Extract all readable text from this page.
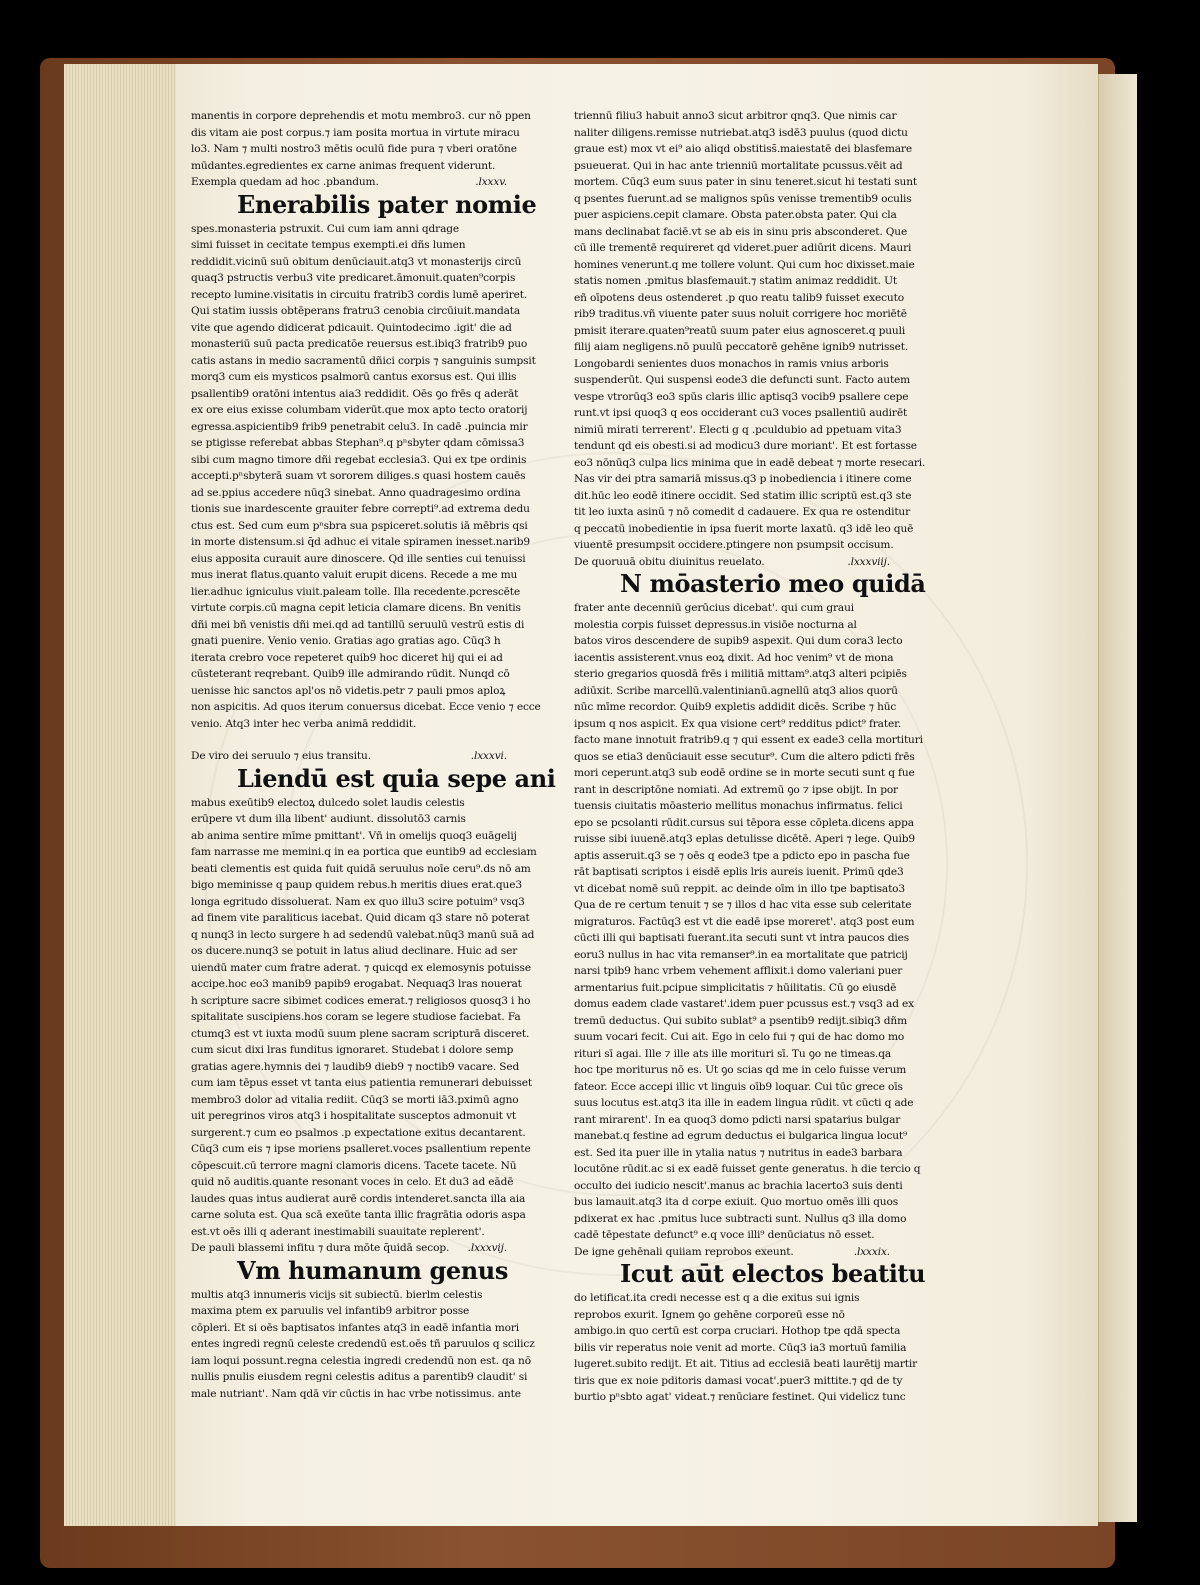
manentis in corpore deprehendis et motu membro3. cur nō ppen
dis vitam aie post corpus.⁊ iam posita mortua in virtute miracu
lo3. Nam ⁊ multi nostro3 mētis oculū fide pura ⁊ vberi oratōne
mūdantes.egredientes ex carne animas frequent viderunt.
Exempla quedam ad hoc .pbandum.	.lxxxv.
Enerabilis pater nomie
spes.monasteria pstruxit. Cui cum iam anni qdrage
simi fuisset in cecitate tempus exempti.ei dñs lumen
reddidit.vicinū suū obitum denūciauit.atq3 vt monasterijs circū
quaq3 pstructis verbu3 vite predicaret.āmonuit.quaten⁹corpis
recepto lumine.visitatis in circuitu fratrib3 cordis lumē aperiret.
Qui statim iussis obtēperans fratru3 cenobia circūiuit.mandata
vite que agendo didicerat pdicauit. Quintodecimo .igit' die ad
monasteriū suū pacta predicatōe reuersus est.ibiq3 fratrib9 puo
catis astans in medio sacramentū dñici corpis ⁊ sanguinis sumpsit
morq3 cum eis mysticos psalmorū cantus exorsus est. Qui illis
psallentib9 oratōni intentus aia3 reddidit. Oēs ꝯo frēs q aderāt
ex ore eius exisse columbam viderūt.que mox apto tecto oratorij
egressa.aspicientib9 frib9 penetrabit celu3. In cadē .puincia mir
se ptigisse referebat abbas Stephan⁹.q pⁿsbyter qdam cōmissa3
sibi cum magno timore dñi regebat ecclesia3. Qui ex tpe ordinis
accepti.pⁿsbyterā suam vt sororem diliges.s quasi hostem cauēs
ad se.ppius accedere nūq3 sinebat. Anno quadragesimo ordina
tionis sue inardescente grauiter febre correpti⁹.ad extrema dedu
ctus est. Sed cum eum pⁿsbra sua pspiceret.solutis iā mēbris qsi
in morte distensum.si q̄d adhuc ei vitale spiramen inesset.narib9
eius apposita curauit aure dinoscere. Qd ille senties cui tenuissi
mus inerat flatus.quanto valuit erupit dicens. Recede a me mu
lier.adhuc igniculus viuit.paleam tolle. Illa recedente.pcrescēte
virtute corpis.cū magna cepit leticia clamare dicens. Bn venitis
dñi mei bñ venistis dñi mei.qd ad tantillū seruulū vestrū estis di
gnati puenire. Venio venio. Gratias ago gratias ago. Cūq3 h
iterata crebro voce repeteret quib9 hoc diceret hij qui ei ad
cūsteterant reqrebant. Quib9 ille admirando rūdit. Nunqd cō
uenisse hic sanctos apl'os nō videtis.petr ⁊ pauli pmos aploꝝ
non aspicitis. Ad quos iterum conuersus dicebat. Ecce venio ⁊ ecce
venio. Atq3 inter hec verba animā reddidit.
De viro dei seruulo ⁊ eius transitu.	.lxxxvi.
Liendū est quia sepe ani
mabus exeūtib9 electoꝝ dulcedo solet laudis celestis
erūpere vt dum illa libent' audiunt. dissolutō3 carnis
ab anima sentire mīme pmittant'. Vñ in omelijs quoq3 euāgelij
fam narrasse me memini.q in ea portica que euntib9 ad ecclesiam
beati clementis est quida fuit quidā seruulus noīe ceru⁹.ds nō am
bigo meminisse q paup quidem rebus.h meritis diues erat.que3
longa egritudo dissoluerat. Nam ex quo illu3 scire potuim⁹ vsq3
ad finem vite paraliticus iacebat. Quid dicam q3 stare nō poterat
q nunq3 in lecto surgere h ad sedendū valebat.nūq3 manū suā ad
os ducere.nunq3 se potuit in latus aliud declinare. Huic ad ser
uiendū mater cum fratre aderat. ⁊ quicqd ex elemosynis potuisse
accipe.hoc eo3 manib9 papib9 erogabat. Nequaq3 lras nouerat
h scripture sacre sibimet codices emerat.⁊ religiosos quosq3 i ho
spitalitate suscipiens.hos coram se legere studiose faciebat. Fa
ctumq3 est vt iuxta modū suum plene sacram scripturā disceret.
cum sicut dixi lras funditus ignoraret. Studebat i dolore semp
gratias agere.hymnis dei ⁊ laudib9 dieb9 ⁊ noctib9 vacare. Sed
cum iam tēpus esset vt tanta eius patientia remunerari debuisset
membro3 dolor ad vitalia rediit. Cūq3 se morti iā3.pximū agno
uit peregrinos viros atq3 i hospitalitate susceptos admonuit vt
surgerent.⁊ cum eo psalmos .p expectatione exitus decantarent.
Cūq3 cum eis ⁊ ipse moriens psalleret.voces psallentium repente
cōpescuit.cū terrore magni clamoris dicens. Tacete tacete. Nū
quid nō auditis.quante resonant voces in celo. Et du3 ad eādē
laudes quas intus audierat aurē cordis intenderet.sancta illa aia
carne soluta est. Qua scā exeūte tanta illic fragrātia odoris aspa
est.vt oēs illi q aderant inestimabili suauitate replerent'.
De pauli blassemi infitu ⁊ dura mōte q̄uidā secop. .lxxxvij.
Vm humanum genus
multis atq3 innumeris vicijs sit subiectū. bierlm celestis
maxima ptem ex paruulis vel infantib9 arbitror posse
cōpleri. Et si oēs baptisatos infantes atq3 in eadē infantia mori
entes ingredi regnū celeste credendū est.oēs tñ paruulos q scilicz
iam loqui possunt.regna celestia ingredi credendū non est. qa nō
nullis pnulis eiusdem regni celestis aditus a parentib9 claudit' si
male nutriant'. Nam qdā vir cūctis in hac vrbe notissimus. ante
triennū filiu3 habuit anno3 sicut arbitror qnq3. Que nimis car
naliter diligens.remisse nutriebat.atq3 isdē3 puulus (quod dictu
graue est) mox vt ei⁹ aio aliqd obstitiss̄.maiestatē dei blasfemare
psueuerat. Qui in hac ante trienniū mortalitate pcussus.vēit ad
mortem. Cūq3 eum suus pater in sinu teneret.sicut hi testati sunt
q psentes fuerunt.ad se malignos spūs venisse trementib9 oculis
puer aspiciens.cepit clamare. Obsta pater.obsta pater. Qui cla
mans declinabat faciē.vt se ab eis in sinu pris absconderet. Que
cū ille trementē requireret qd videret.puer adiūrit dicens. Mauri
homines venerunt.q me tollere volunt. Qui cum hoc dixisset.maie
statis nomen .pmitus blasfemauit.⁊ statim animaz reddidit. Ut
eñ oīpotens deus ostenderet .p quo reatu talib9 fuisset executo
rib9 traditus.vñ viuente pater suus noluit corrigere hoc moriētē
pmisit iterare.quaten⁹reatū suum pater eius agnosceret.q puuli
filij aiam negligens.nō puulū peccatorē gehēne ignib9 nutrisset.
Longobardi senientes duos monachos in ramis vnius arboris
suspenderūt. Qui suspensi eode3 die defuncti sunt. Facto autem
vespe vtrorūq3 eo3 spūs claris illic aptisq3 vocib9 psallere cepe
runt.vt ipsi quoq3 q eos occiderant cu3 voces psallentiū audirēt
nimiū mirati terrerent'. Electi g q .pculdubio ad ppetuam vita3
tendunt qd eis obesti.si ad modicu3 dure moriant'. Et est fortasse
eo3 nōnūq3 culpa lics minima que in eadē debeat ⁊ morte resecari.
Nas vir dei ptra samariā missus.q3 p inobediencia i itinere come
dit.hūc leo eodē itinere occidit. Sed statim illic scriptū est.q3 ste
tit leo iuxta asinū ⁊ nō comedit d cadauere. Ex qua re ostenditur
q peccatū inobedientie in ipsa fuerit morte laxatū. q3 idē leo quē
viuentē presumpsit occidere.ptingere non psumpsit occisum.
De quoruuā obitu diuinitus reuelato.	.lxxxviij.
N mōasterio meo quidā
frater ante decenniū gerūcius dicebat'. qui cum graui
molestia corpis fuisset depressus.in visiōe nocturna al
batos viros descendere de supib9 aspexit. Qui dum cora3 lecto
iacentis assisterent.vnus eoꝝ dixit. Ad hoc venim⁹ vt de mona
sterio gregarios quosdā frēs i militiā mittam⁹.atq3 alteri pcipiēs
adiūxit. Scribe marcellū.valentinianū.agnellū atq3 alios quorū
nūc mīme recordor. Quib9 expletis addidit dicēs. Scribe ⁊ hūc
ipsum q nos aspicit. Ex qua visione cert⁹ redditus pdict⁹ frater.
facto mane innotuit fratrib9.q ⁊ qui essent ex eade3 cella mortituri
quos se etia3 denūciauit esse secutur⁹. Cum die altero pdicti frēs
mori ceperunt.atq3 sub eodē ordine se in morte secuti sunt q fue
rant in descriptōne nomiati. Ad extremū ꝯo ⁊ ipse obijt. In por
tuensis ciuitatis mōasterio mellitus monachus infirmatus. felici
epo se pcsolanti rūdit.cursus sui tēpora esse cōpleta.dicens appa
ruisse sibi iuuenē.atq3 eplas detulisse dicētē. Aperi ⁊ lege. Quib9
aptis asseruit.q3 se ⁊ oēs q eode3 tpe a pdicto epo in pascha fue
rāt baptisati scriptos i eisdē eplis lris aureis iuenit. Primū qde3
vt dicebat nomē suū reppit. ac deinde oīm in illo tpe baptisato3
Qua de re certum tenuit ⁊ se ⁊ illos d hac vita esse sub celeritate
migraturos. Factūq3 est vt die eadē ipse moreret'. atq3 post eum
cūcti illi qui baptisati fuerant.ita secuti sunt vt intra paucos dies
eoru3 nullus in hac vita remanser⁹.in ea mortalitate que patricij
narsi tpib9 hanc vrbem vehement afflixit.i domo valeriani puer
armentarius fuit.pcipue simplicitatis ⁊ hūilitatis. Cū ꝯo eiusdē
domus eadem clade vastaret'.idem puer pcussus est.⁊ vsq3 ad ex
tremū deductus. Qui subito sublat⁹ a psentib9 redijt.sibiq3 dñm
suum vocari fecit. Cui ait. Ego in celo fui ⁊ qui de hac domo mo
rituri sī agai. Ille ⁊ ille ats ille morituri sī. Tu ꝯo ne timeas.qa
hoc tpe moriturus nō es. Ut ꝯo scias qd me in celo fuisse verum
fateor. Ecce accepi illic vt linguis oīb9 loquar. Cui tūc grece oīs
suus locutus est.atq3 ita ille in eadem lingua rūdit. vt cūcti q ade
rant mirarent'. In ea quoq3 domo pdicti narsi spatarius bulgar
manebat.q festine ad egrum deductus ei bulgarica lingua locut⁹
est. Sed ita puer ille in ytalia natus ⁊ nutritus in eade3 barbara
locutōne rūdit.ac si ex eadē fuisset gente generatus. h die tercio q
occulto dei iudicio nescit'.manus ac brachia lacerto3 suis denti
bus lamauit.atq3 ita d corpe exiuit. Quo mortuo omēs illi quos
pdixerat ex hac .pmitus luce subtracti sunt. Nullus q3 illa domo
cadē tēpestate defunct⁹ e.q voce illi⁹ denūciatus nō esset.
De igne gehēnali quiiam reprobos exeunt.	.lxxxix.
Icut aūt electos beatitu
do letificat.ita credi necesse est q a die exitus sui ignis
reprobos exurit. Ignem ꝯo gehēne corporeū esse nō
ambigo.in quo certū est corpa cruciari. Hothop tpe qdā specta
bilis vir reperatus noie venit ad morte. Cūq3 ia3 mortuū familia
lugeret.subito redijt. Et ait. Titius ad ecclesiā beati laurētij martir
tiris que ex noie pditoris damasi vocat'.puer3 mittite.⁊ qd de ty
burtio pⁿsbto agat' videat.⁊ renūciare festinet. Qui videlicz tunc
